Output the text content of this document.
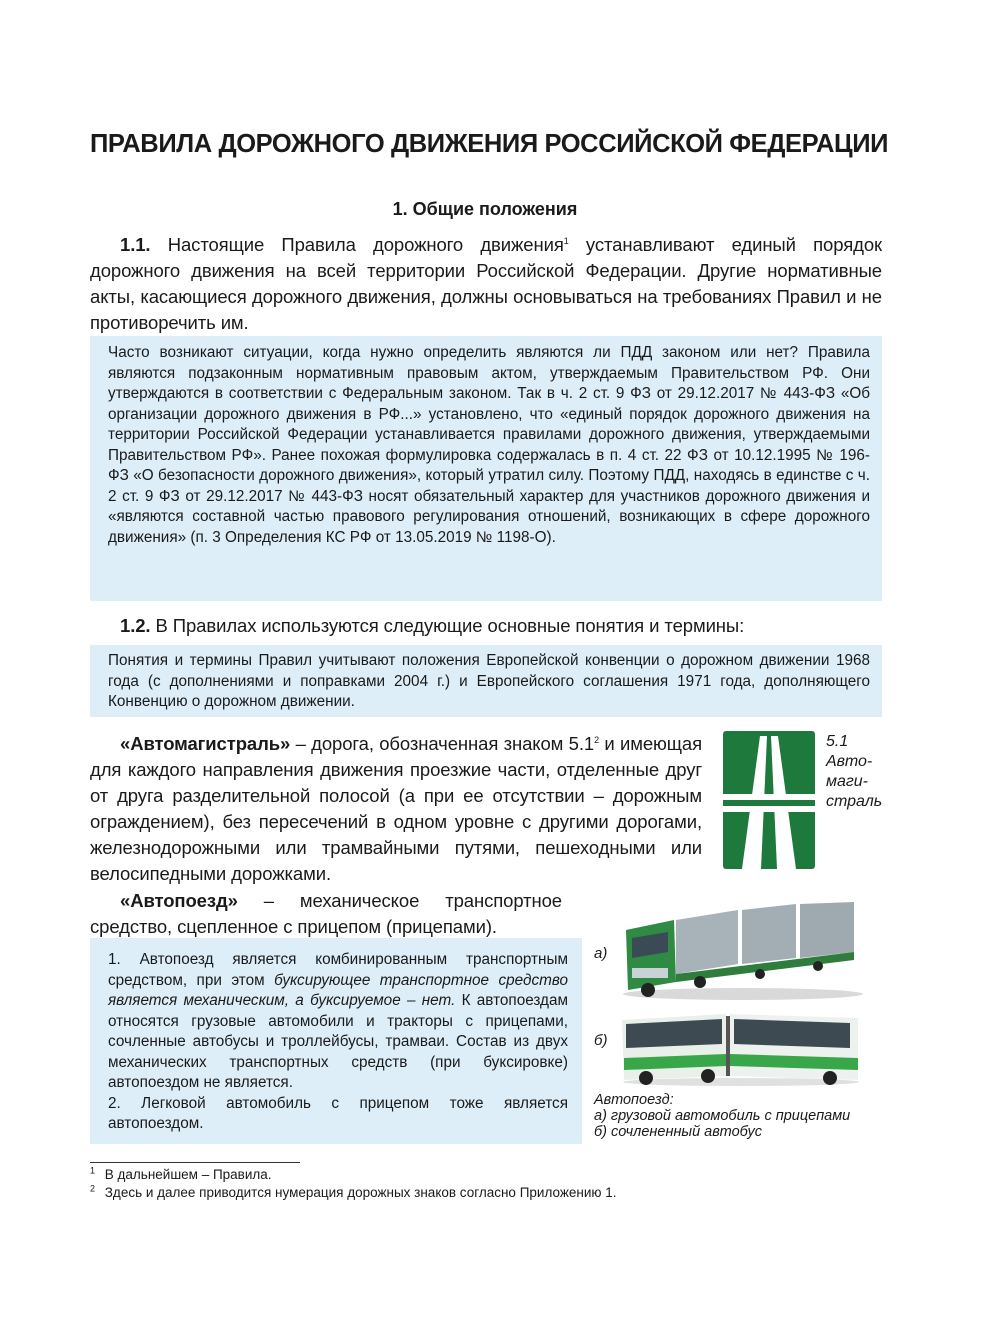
ПРАВИЛА ДОРОЖНОГО ДВИЖЕНИЯ РОССИЙСКОЙ ФЕДЕРАЦИИ
1. Общие положения
1.1. Настоящие Правила дорожного движения$^1$ устанавливают единый порядок дорожного движения на всей территории Российской Федерации. Другие нормативные акты, касающиеся дорожного движения, должны основываться на требованиях Правил и не противоречить им.
Часто возникают ситуации, когда нужно определить являются ли ПДД законом или нет? Правила являются подзаконным нормативным правовым актом, утверждаемым Правительством РФ. Они утверждаются в соответствии с Федеральным законом. Так в ч. 2 ст. 9 ФЗ от 29.12.2017 № 443-ФЗ «Об организации дорожного движения в РФ...» установлено, что «единый порядок дорожного движения на территории Российской Федерации устанавливается правилами дорожного движения, утверждаемыми Правительством РФ». Ранее похожая формулировка содержалась в п. 4 ст. 22 ФЗ от 10.12.1995 № 196-ФЗ «О безопасности дорожного движения», который утратил силу. Поэтому ПДД, находясь в единстве с ч. 2 ст. 9 ФЗ от 29.12.2017 № 443-ФЗ носят обязательный характер для участников дорожного движения и «являются составной частью правового регулирования отношений, возникающих в сфере дорожного движения» (п. 3 Определения КС РФ от 13.05.2019 № 1198-О).
1.2. В Правилах используются следующие основные понятия и термины:
Понятия и термины Правил учитывают положения Европейской конвенции о дорожном движении 1968 года (с дополнениями и поправками 2004 г.) и Европейского соглашения 1971 года, дополняющего Конвенцию о дорожном движении.
«Автомагистраль» – дорога, обозначенная знаком $5.1^2$ и имеющая для каждого направления движения проезжие части, отделенные друг от друга разделительной полосой (а при ее отсутствии – дорожным ограждением), без пересечений в одном уровне с другими дорогами, железнодорожными или трамвайными путями, пешеходными или велосипедными дорожками.
5.1
Авто-
маги-
страль
«Автопоезд» – механическое транспортное средство, сцепленное с прицепом (прицепами).
1. Автопоезд является комбинированным транспортным средством, при этом буксирующее транспортное средство является механическим, а буксируемое – нет. К автопоездам относятся грузовые автомобили и тракторы с прицепами, сочленные автобусы и троллейбусы, трамваи. Состав из двух механических транспортных средств (при буксировке) автопоездом не является.
2. Легковой автомобиль с прицепом тоже является автопоездом.
а)
б)
Автопоезд:
а) грузовой автомобиль с прицепами
б) сочлененный автобус
$^1$ В дальнейшем – Правила.
$^2$ Здесь и далее приводится нумерация дорожных знаков согласно Приложению 1.
